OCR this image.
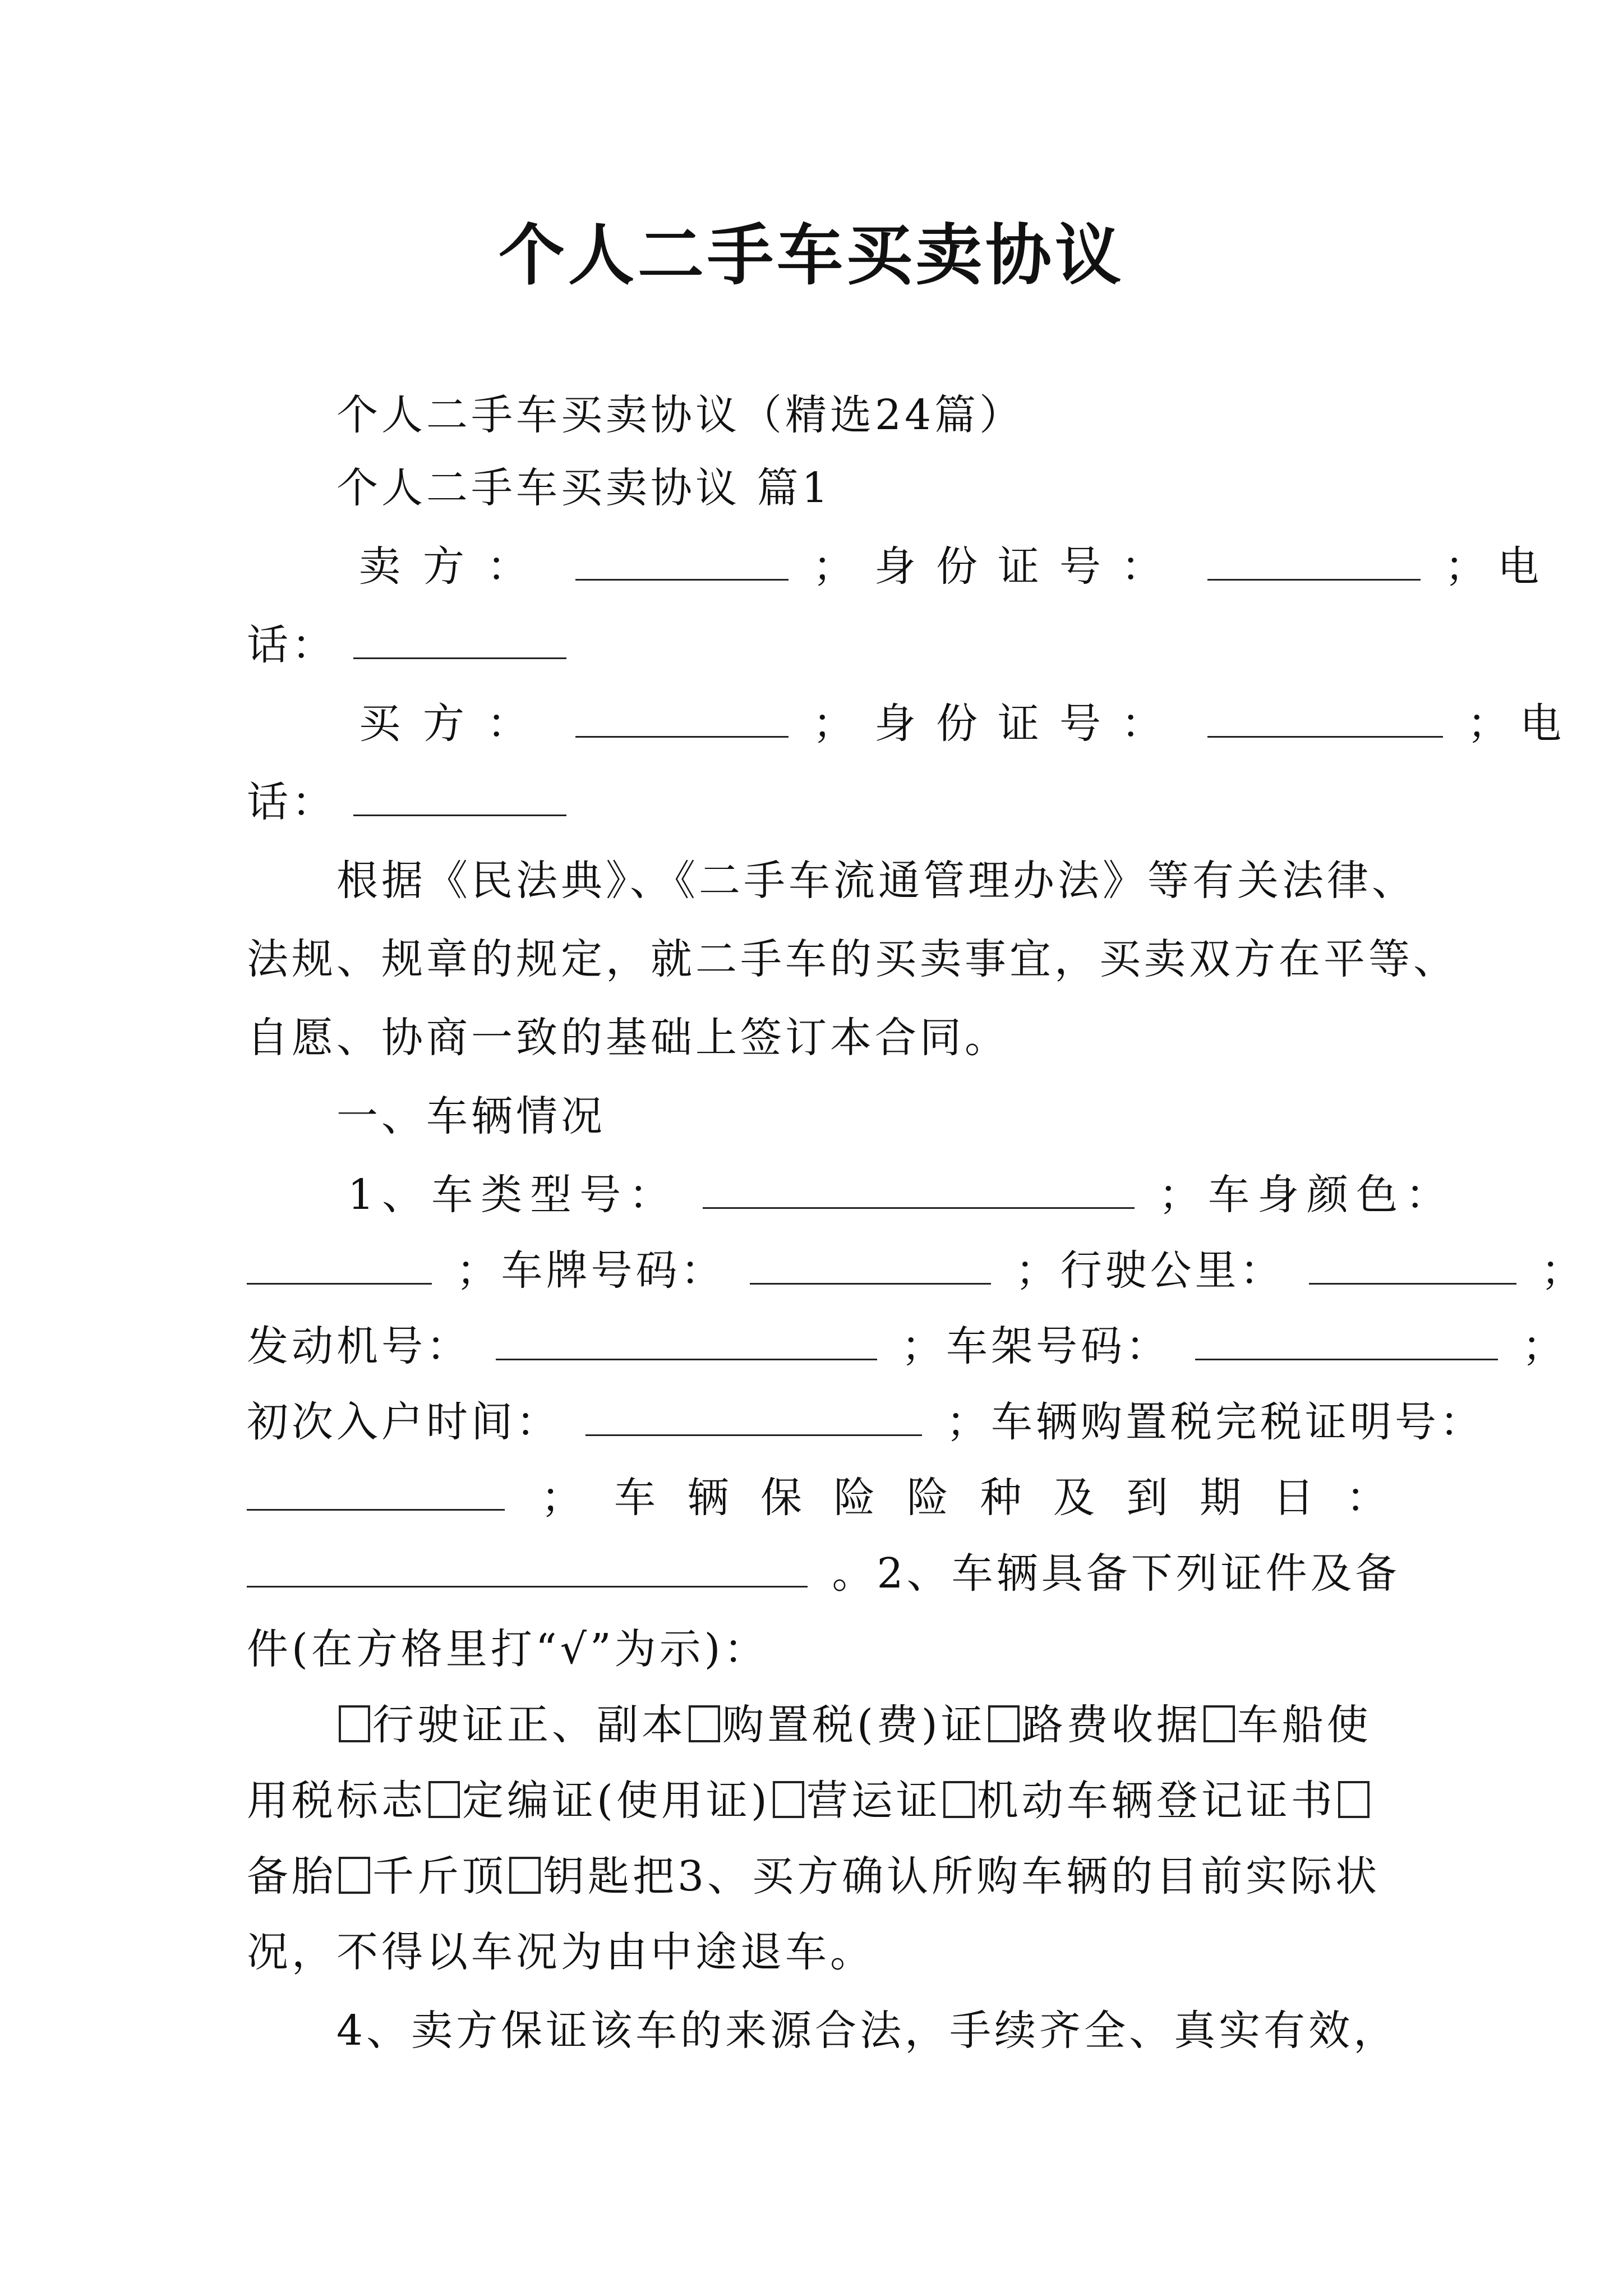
个人二手车买卖协议
个人二手车买卖协议（精选24篇）
个人二手车买卖协议 篇1
卖方：	；身份证号：	；电
话：
买方：	；身份证号：	；电
话：
根据《民法典》、《二手车流通管理办法》等有关法律、
法规、规章的规定，就二手车的买卖事宜，买卖双方在平等、
自愿、协商一致的基础上签订本合同。
一、车辆情况
1、车类型号：	；车身颜色：
；车牌号码：	；行驶公里：	；
发动机号：	；车架号码：	；
初次入户时间：	；车辆购置税完税证明号：
； 车 辆 保 险 险 种 及 到 期 日 ：
。2、车辆具备下列证件及备
件(在方格里打“√”为示)：
行驶证正、副本 购置税(费)证 路费收据 车船使
用税标志 定编证(使用证) 营运证 机动车辆登记证书
备胎 千斤顶 钥匙把3、买方确认所购车辆的目前实际状
况，不得以车况为由中途退车。
4、卖方保证该车的来源合法，手续齐全、真实有效，
